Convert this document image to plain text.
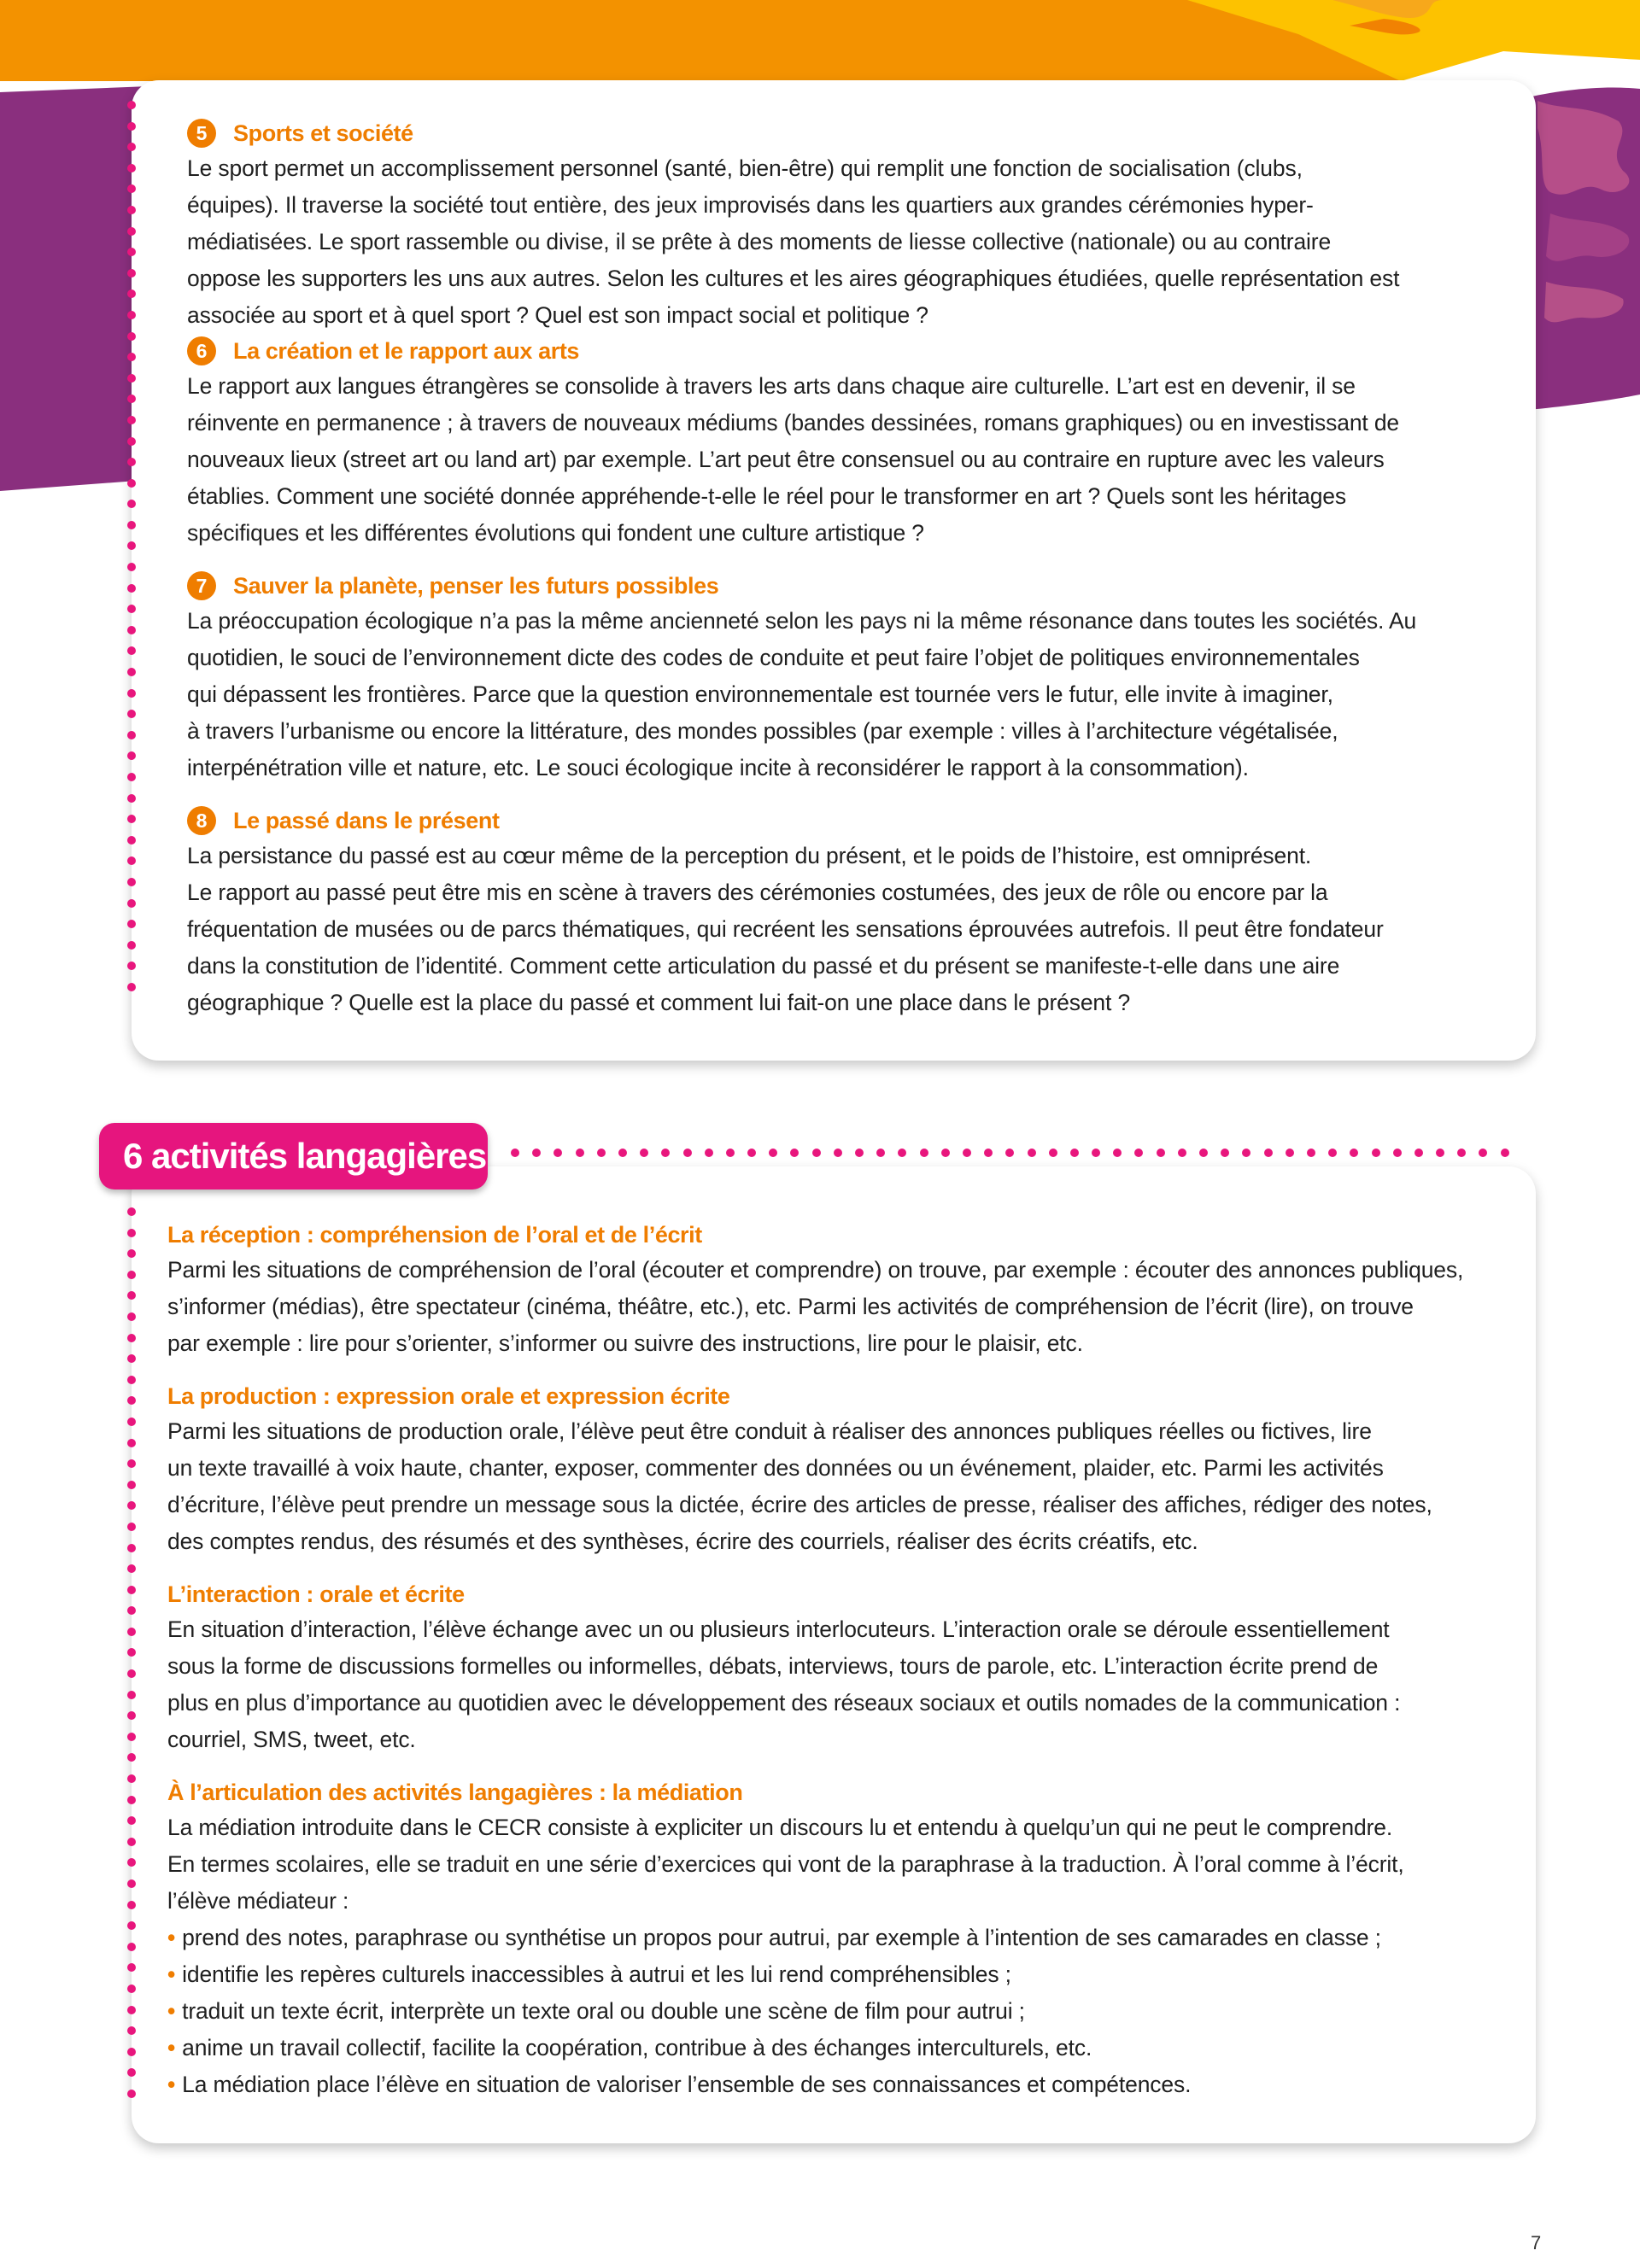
5	Sports et société

Le sport permet un accomplissement personnel (santé, bien-être) qui remplit une fonction de socialisation (clubs,

équipes). Il traverse la société tout entière, des jeux improvisés dans les quartiers aux grandes cérémonies hyper-

médiatisées. Le sport rassemble ou divise, il se prête à des moments de liesse collective (nationale) ou au contraire

oppose les supporters les uns aux autres. Selon les cultures et les aires géographiques étudiées, quelle représentation est

associée au sport et à quel sport ? Quel est son impact social et politique ?

6	La création et le rapport aux arts

Le rapport aux langues étrangères se consolide à travers les arts dans chaque aire culturelle. L’art est en devenir, il se

réinvente en permanence ; à travers de nouveaux médiums (bandes dessinées, romans graphiques) ou en investissant de

nouveaux lieux (street art ou land art) par exemple. L’art peut être consensuel ou au contraire en rupture avec les valeurs

établies. Comment une société donnée appréhende-t-elle le réel pour le transformer en art ? Quels sont les héritages

spécifiques et les différentes évolutions qui fondent une culture artistique ?

7	Sauver la planète, penser les futurs possibles

La préoccupation écologique n’a pas la même ancienneté selon les pays ni la même résonance dans toutes les sociétés. Au

quotidien, le souci de l’environnement dicte des codes de conduite et peut faire l’objet de politiques environnementales

qui dépassent les frontières. Parce que la question environnementale est tournée vers le futur, elle invite à imaginer,

à travers l’urbanisme ou encore la littérature, des mondes possibles (par exemple : villes à l’architecture végétalisée,

interpénétration ville et nature, etc. Le souci écologique incite à reconsidérer le rapport à la consommation).

8	Le passé dans le présent

La persistance du passé est au cœur même de la perception du présent, et le poids de l’histoire, est omniprésent.

Le rapport au passé peut être mis en scène à travers des cérémonies costumées, des jeux de rôle ou encore par la

fréquentation de musées ou de parcs thématiques, qui recréent les sensations éprouvées autrefois. Il peut être fondateur

dans la constitution de l’identité. Comment cette articulation du passé et du présent se manifeste-t-elle dans une aire

géographique ? Quelle est la place du passé et comment lui fait-on une place dans le présent ?

6 activités langagières
La réception : compréhension de l’oral et de l’écrit

Parmi les situations de compréhension de l’oral (écouter et comprendre) on trouve, par exemple : écouter des annonces publiques,

s’informer (médias), être spectateur (cinéma, théâtre, etc.), etc. Parmi les activités de compréhension de l’écrit (lire), on trouve

par exemple : lire pour s’orienter, s’informer ou suivre des instructions, lire pour le plaisir, etc.

La production : expression orale et expression écrite

Parmi les situations de production orale, l’élève peut être conduit à réaliser des annonces publiques réelles ou fictives, lire

un texte travaillé à voix haute, chanter, exposer, commenter des données ou un événement, plaider, etc. Parmi les activités

d’écriture, l’élève peut prendre un message sous la dictée, écrire des articles de presse, réaliser des affiches, rédiger des notes,

des comptes rendus, des résumés et des synthèses, écrire des courriels, réaliser des écrits créatifs, etc.

L’interaction : orale et écrite

En situation d’interaction, l’élève échange avec un ou plusieurs interlocuteurs. L’interaction orale se déroule essentiellement

sous la forme de discussions formelles ou informelles, débats, interviews, tours de parole, etc. L’interaction écrite prend de

plus en plus d’importance au quotidien avec le développement des réseaux sociaux et outils nomades de la communication :

courriel, SMS, tweet, etc.

À l’articulation des activités langagières : la médiation

La médiation introduite dans le CECR consiste à expliciter un discours lu et entendu à quelqu’un qui ne peut le comprendre.

En termes scolaires, elle se traduit en une série d’exercices qui vont de la paraphrase à la traduction. À l’oral comme à l’écrit,

l’élève médiateur :

• prend des notes, paraphrase ou synthétise un propos pour autrui, par exemple à l’intention de ses camarades en classe ;

• identifie les repères culturels inaccessibles à autrui et les lui rend compréhensibles ;

• traduit un texte écrit, interprète un texte oral ou double une scène de film pour autrui ;

• anime un travail collectif, facilite la coopération, contribue à des échanges interculturels, etc.

• La médiation place l’élève en situation de valoriser l’ensemble de ses connaissances et compétences.

7
